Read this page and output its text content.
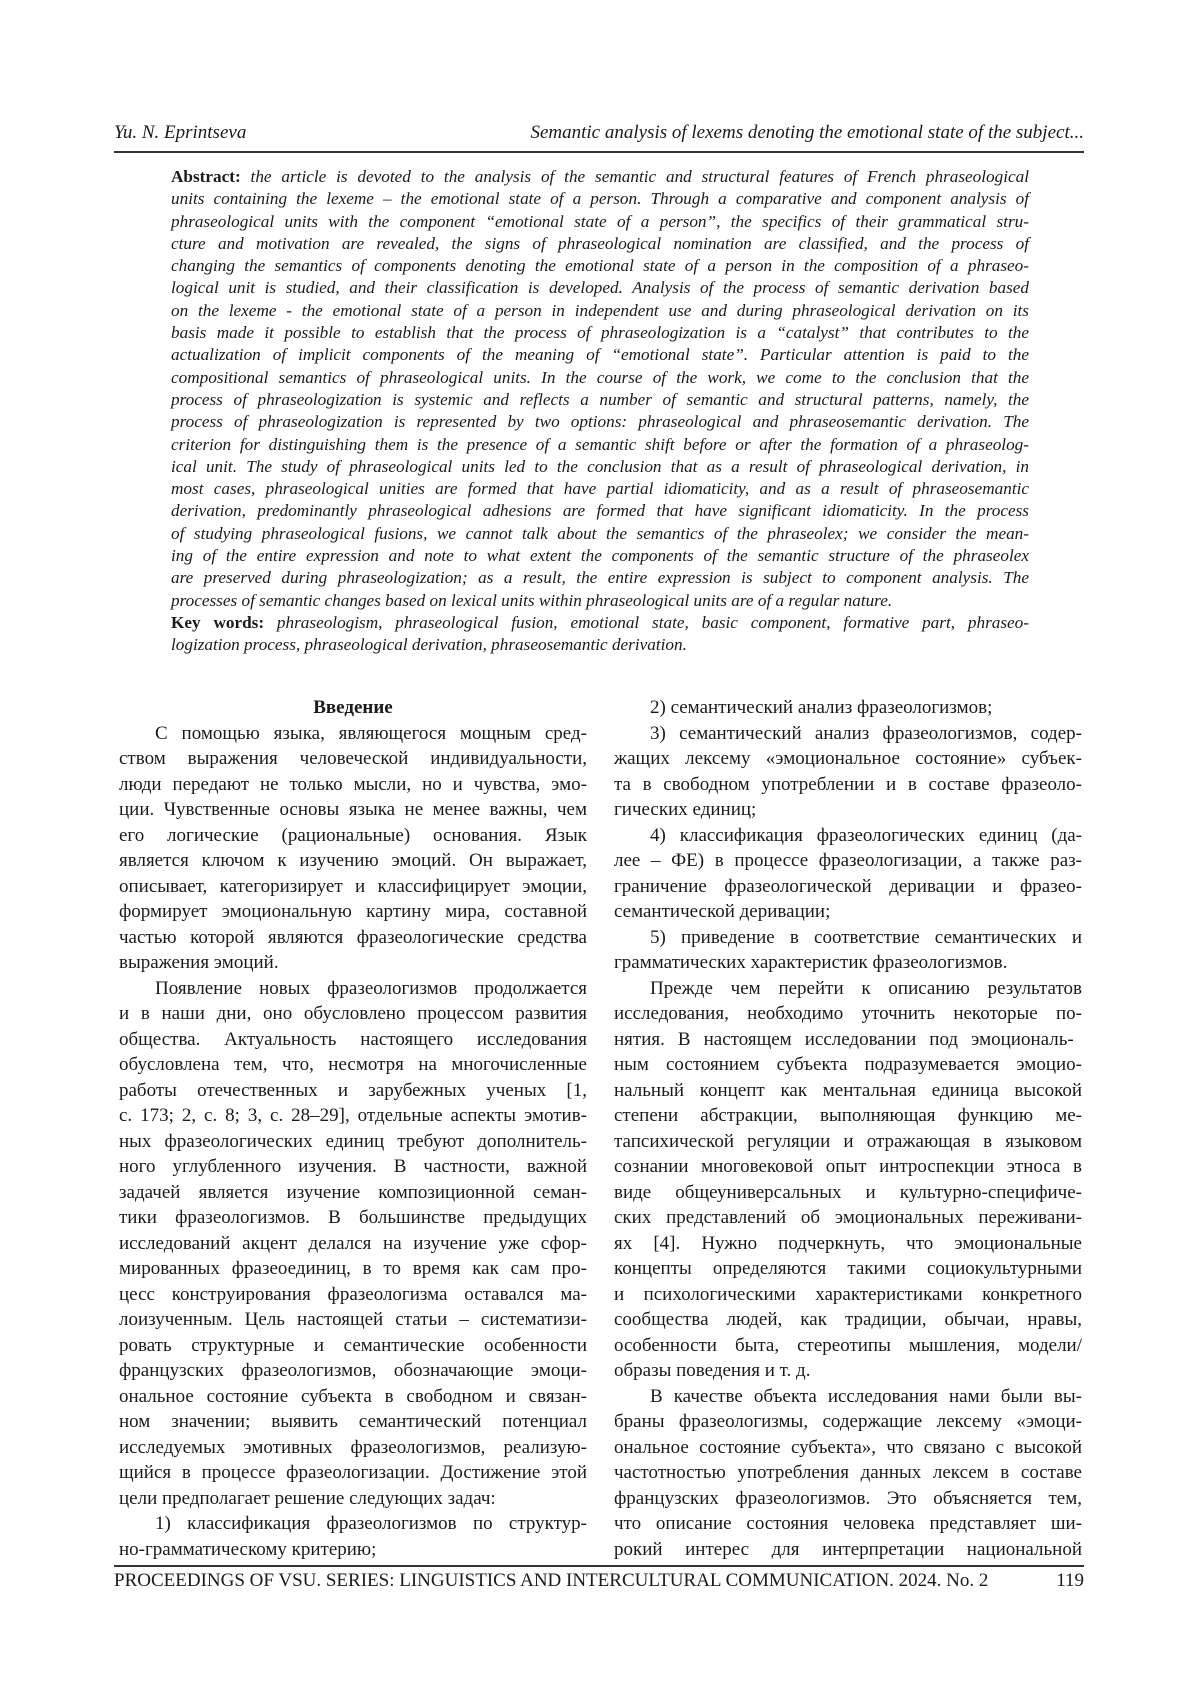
Yu. N. Eprintseva	Semantic analysis of lexems denoting the emotional state of the subject...
Abstract: the article is devoted to the analysis of the semantic and structural features of French phraseological
units containing the lexeme – the emotional state of a person. Through a comparative and component analysis of
phraseological units with the component “emotional state of a person”, the specifics of their grammatical stru-
cture and motivation are revealed, the signs of phraseological nomination are classified, and the process of
changing the semantics of components denoting the emotional state of a person in the composition of a phraseo-
logical unit is studied, and their classification is developed. Analysis of the process of semantic derivation based
on the lexeme - the emotional state of a person in independent use and during phraseological derivation on its
basis made it possible to establish that the process of phraseologization is a “catalyst” that contributes to the
actualization of implicit components of the meaning of “emotional state”. Particular attention is paid to the
compositional semantics of phraseological units. In the course of the work, we come to the conclusion that the
process of phraseologization is systemic and reflects a number of semantic and structural patterns, namely, the
process of phraseologization is represented by two options: phraseological and phraseosemantic derivation. The
criterion for distinguishing them is the presence of a semantic shift before or after the formation of a phraseolog-
ical unit. The study of phraseological units led to the conclusion that as a result of phraseological derivation, in
most cases, phraseological unities are formed that have partial idiomaticity, and as a result of phraseosemantic
derivation, predominantly phraseological adhesions are formed that have significant idiomaticity. In the process
of studying phraseological fusions, we cannot talk about the semantics of the phraseolex; we consider the mean-
ing of the entire expression and note to what extent the components of the semantic structure of the phraseolex
are preserved during phraseologization; as a result, the entire expression is subject to component analysis. The
processes of semantic changes based on lexical units within phraseological units are of a regular nature.
Key words: phraseologism, phraseological fusion, emotional state, basic component, formative part, phraseo-
logization process, phraseological derivation, phraseosemantic derivation.
Введение
С помощью языка, являющегося мощным сред-
ством выражения человеческой индивидуальности,
люди передают не только мысли, но и чувства, эмо-
ции. Чувственные основы языка не менее важны, чем
его логические (рациональные) основания. Язык
является ключом к изучению эмоций. Он выражает,
описывает, категоризирует и классифицирует эмоции,
формирует эмоциональную картину мира, составной
частью которой являются фразеологические средства
выражения эмоций.
Появление новых фразеологизмов продолжается
и в наши дни, оно обусловлено процессом развития
общества. Актуальность настоящего исследования
обусловлена тем, что, несмотря на многочисленные
работы отечественных и зарубежных ученых [1,
с. 173; 2, с. 8; 3, с. 28–29], отдельные аспекты эмотив-
ных фразеологических единиц требуют дополнитель-
ного углубленного изучения. В частности, важной
задачей является изучение композиционной семан-
тики фразеологизмов. В большинстве предыдущих
исследований акцент делался на изучение уже сфор-
мированных фразеоединиц, в то время как сам про-
цесс конструирования фразеологизма оставался ма-
лоизученным. Цель настоящей статьи – систематизи-
ровать структурные и семантические особенности
французских фразеологизмов, обозначающие эмоци-
ональное состояние субъекта в свободном и связан-
ном значении; выявить семантический потенциал
исследуемых эмотивных фразеологизмов, реализую-
щийся в процессе фразеологизации. Достижение этой
цели предполагает решение следующих задач:
1) классификация фразеологизмов по структур-
но-грамматическому критерию;
2) семантический анализ фразеологизмов;
3) семантический анализ фразеологизмов, содер-
жащих лексему «эмоциональное состояние» субъек-
та в свободном употреблении и в составе фразеоло-
гических единиц;
4) классификация фразеологических единиц (да-
лее – ФЕ) в процессе фразеологизации, а также раз-
граничение фразеологической деривации и фразео-
семантической деривации;
5) приведение в соответствие семантических и
грамматических характеристик фразеологизмов.
Прежде чем перейти к описанию результатов
исследования, необходимо уточнить некоторые по-
нятия. В настоящем исследовании под эмоциональ-
ным состоянием субъекта подразумевается эмоцио-
нальный концепт как ментальная единица высокой
степени абстракции, выполняющая функцию ме-
тапсихической регуляции и отражающая в языковом
сознании многовековой опыт интроспекции этноса в
виде общеуниверсальных и культурно-специфиче-
ских представлений об эмоциональных переживани-
ях [4]. Нужно подчеркнуть, что эмоциональные
концепты определяются такими социокультурными
и психологическими характеристиками конкретного
сообщества людей, как традиции, обычаи, нравы,
особенности быта, стереотипы мышления, модели/
образы поведения и т. д.
В качестве объекта исследования нами были вы-
браны фразеологизмы, содержащие лексему «эмоци-
ональное состояние субъекта», что связано с высокой
частотностью употребления данных лексем в составе
французских фразеологизмов. Это объясняется тем,
что описание состояния человека представляет ши-
рокий интерес для интерпретации национальной
PROCEEDINGS OF VSU. SERIES: LINGUISTICS AND INTERCULTURAL COMMUNICATION. 2024. No. 2	119
